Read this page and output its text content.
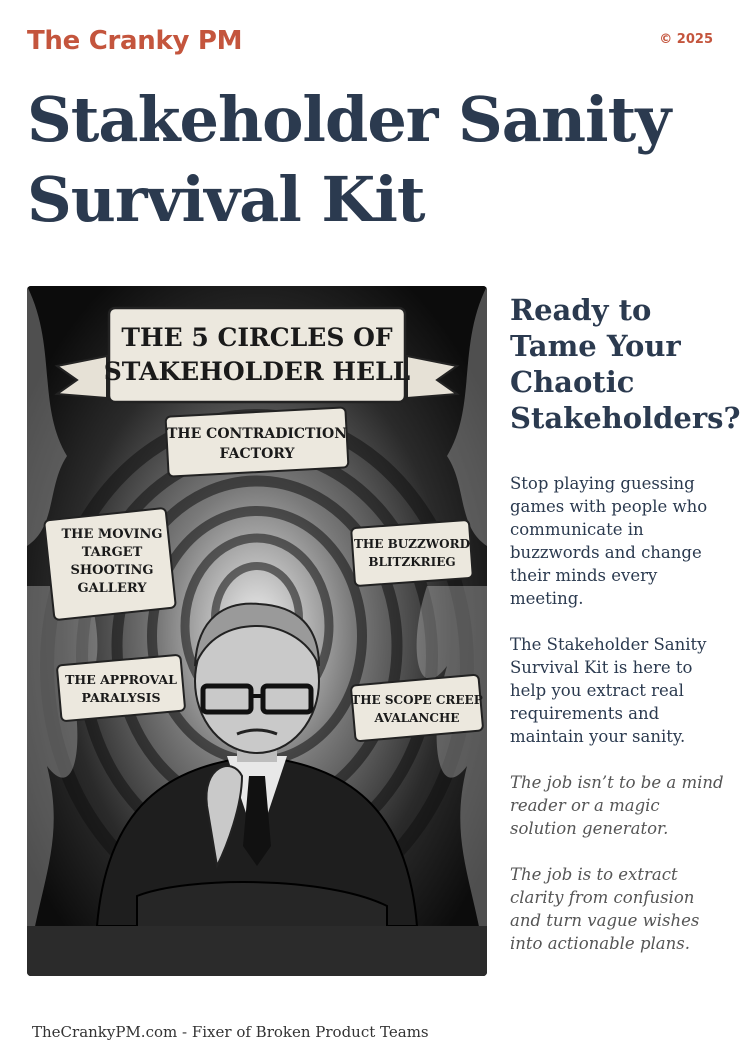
The Cranky PM	© 2025
Stakeholder Sanity
Survival Kit
THE 5 CIRCLES OF
STAKEHOLDER HELL
THE CONTRADICTION
FACTORY
THE MOVING
TARGET
SHOOTING
GALLERY
THE BUZZWORD
BLITZKRIEG
THE APPROVAL
PARALYSIS	THE SCOPE CREEP
AVALANCHE
Ready to Tame Your Chaotic Stakeholders?

Stop playing guessing games with people who communicate in buzzwords and change their minds every meeting.

The Stakeholder Sanity Survival Kit is here to help you extract real requirements and maintain your sanity.

The job isn’t to be a mind reader or a magic solution generator.

The job is to extract clarity from confusion and turn vague wishes into actionable plans.

TheCrankyPM.com - Fixer of Broken Product Teams
